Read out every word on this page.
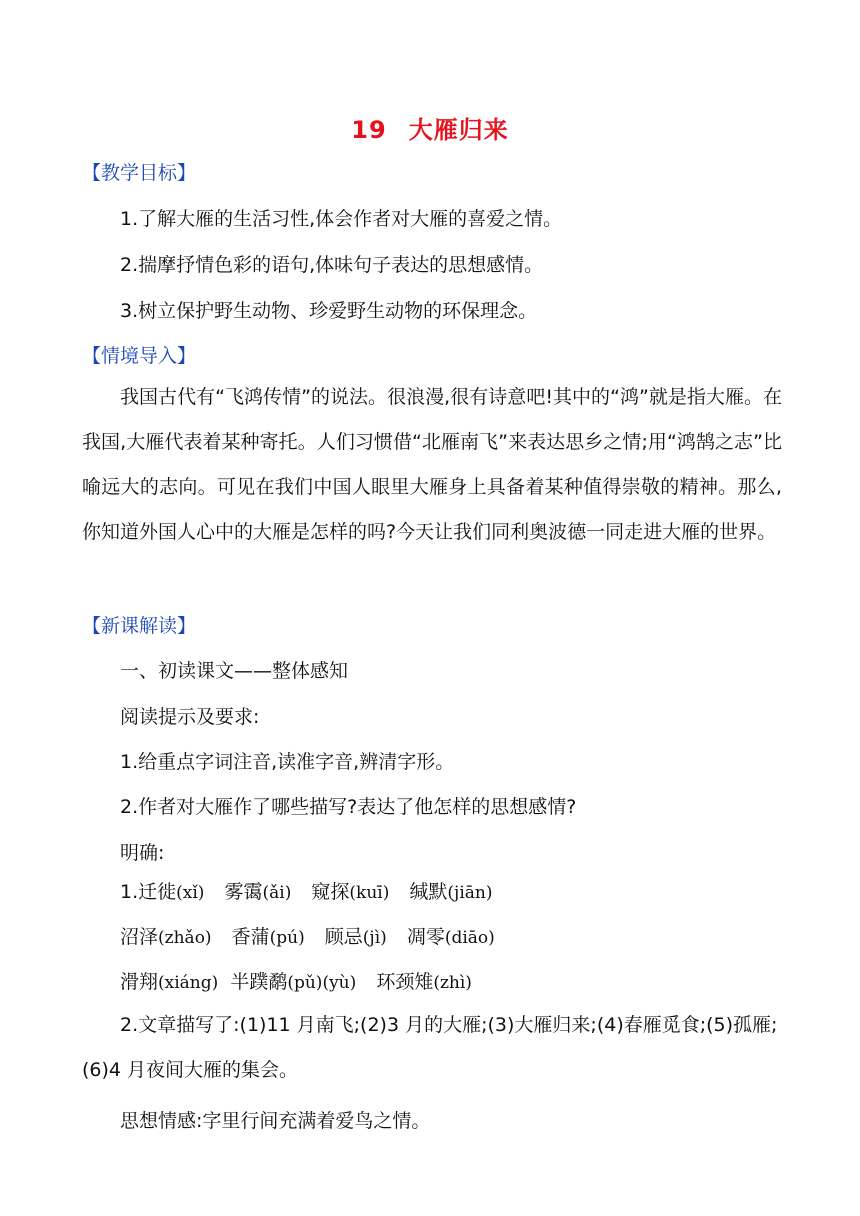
19 大雁归来
【教学目标】
1.了解大雁的生活习性,体会作者对大雁的喜爱之情。
2.揣摩抒情色彩的语句,体味句子表达的思想感情。
3.树立保护野生动物、珍爱野生动物的环保理念。
【情境导入】
我国古代有“飞鸿传情”的说法。很浪漫,很有诗意吧!其中的“鸿”就是指大雁。在我国,大雁代表着某种寄托。人们习惯借“北雁南飞”来表达思乡之情;用“鸿鹄之志”比喻远大的志向。可见在我们中国人眼里大雁身上具备着某种值得崇敬的精神。那么,你知道外国人心中的大雁是怎样的吗?今天让我们同利奥波德一同走进大雁的世界。
【新课解读】
一、初读课文——整体感知
阅读提示及要求:
1.给重点字词注音,读准字音,辨清字形。
2.作者对大雁作了哪些描写?表达了他怎样的思想感情?
明确:
1.迁徙(xǐ) 雾霭(ǎi) 窥探(kuī) 缄默(jiān)
沼泽(zhǎo) 香蒲(pú) 顾忌(jì) 凋零(diāo)
滑翔(xiáng) 半蹼鹬(pǔ)(yù) 环颈雉(zhì)
2.文章描写了:(1)11 月南飞;(2)3 月的大雁;(3)大雁归来;(4)春雁觅食;(5)孤雁;(6)4 月夜间大雁的集会。
思想情感:字里行间充满着爱鸟之情。
